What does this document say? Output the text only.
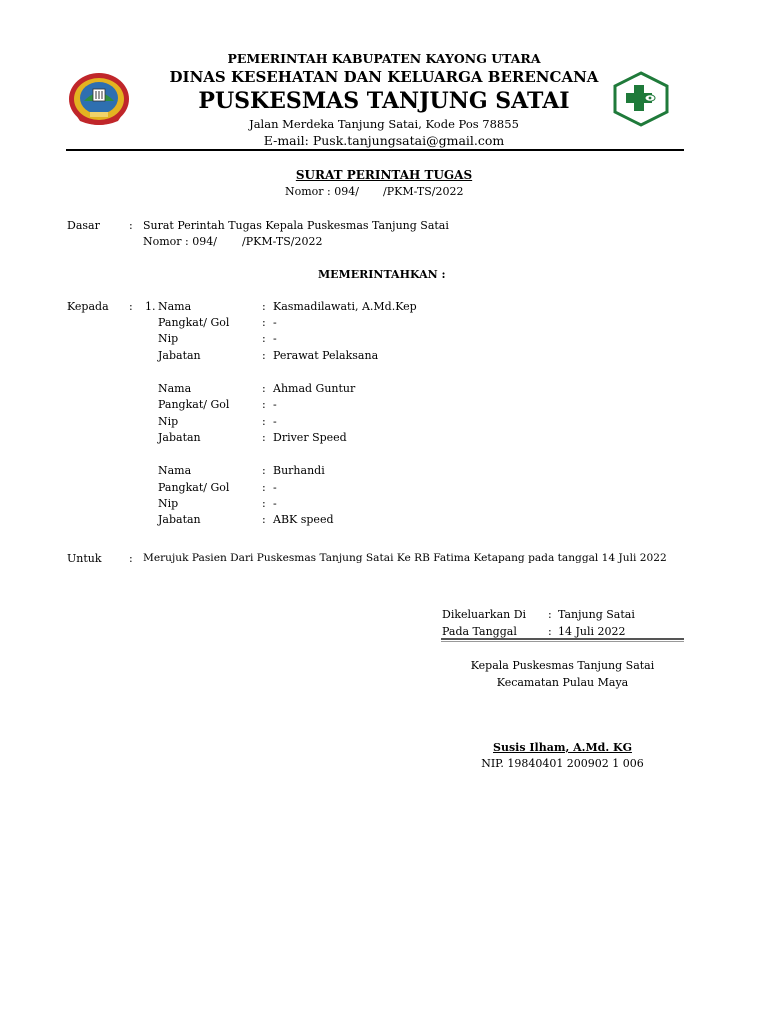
PEMERINTAH KABUPATEN KAYONG UTARA
DINAS KESEHATAN DAN KELUARGA BERENCANA
PUSKESMAS TANJUNG SATAI
Jalan Merdeka Tanjung Satai, Kode Pos 78855
E-mail: Pusk.tanjungsatai@gmail.com
SURAT PERINTAH TUGAS
Nomor : 094/ /PKM-TS/2022
Dasar	: Surat Perintah Tugas Kepala Puskesmas Tanjung Satai
Nomor : 094/ /PKM-TS/2022
MEMERINTAHKAN :
Kepada : 1. Nama	: Kasmadilawati, A.Md.Kep
Pangkat/ Gol	: -
Nip	: -
Jabatan	: Perawat Pelaksana
Nama	: Ahmad Guntur
Pangkat/ Gol	: -
Nip	: -
Jabatan	: Driver Speed
Nama	: Burhandi
Pangkat/ Gol	: -
Nip	: -
Jabatan	: ABK speed
Untuk : Merujuk Pasien Dari Puskesmas Tanjung Satai Ke RB Fatima Ketapang pada tanggal 14 Juli 2022
Dikeluarkan Di : Tanjung Satai
Pada Tanggal	: 14 Juli 2022
Kepala Puskesmas Tanjung Satai
Kecamatan Pulau Maya
Susis Ilham, A.Md. KG
NIP. 19840401 200902 1 006
